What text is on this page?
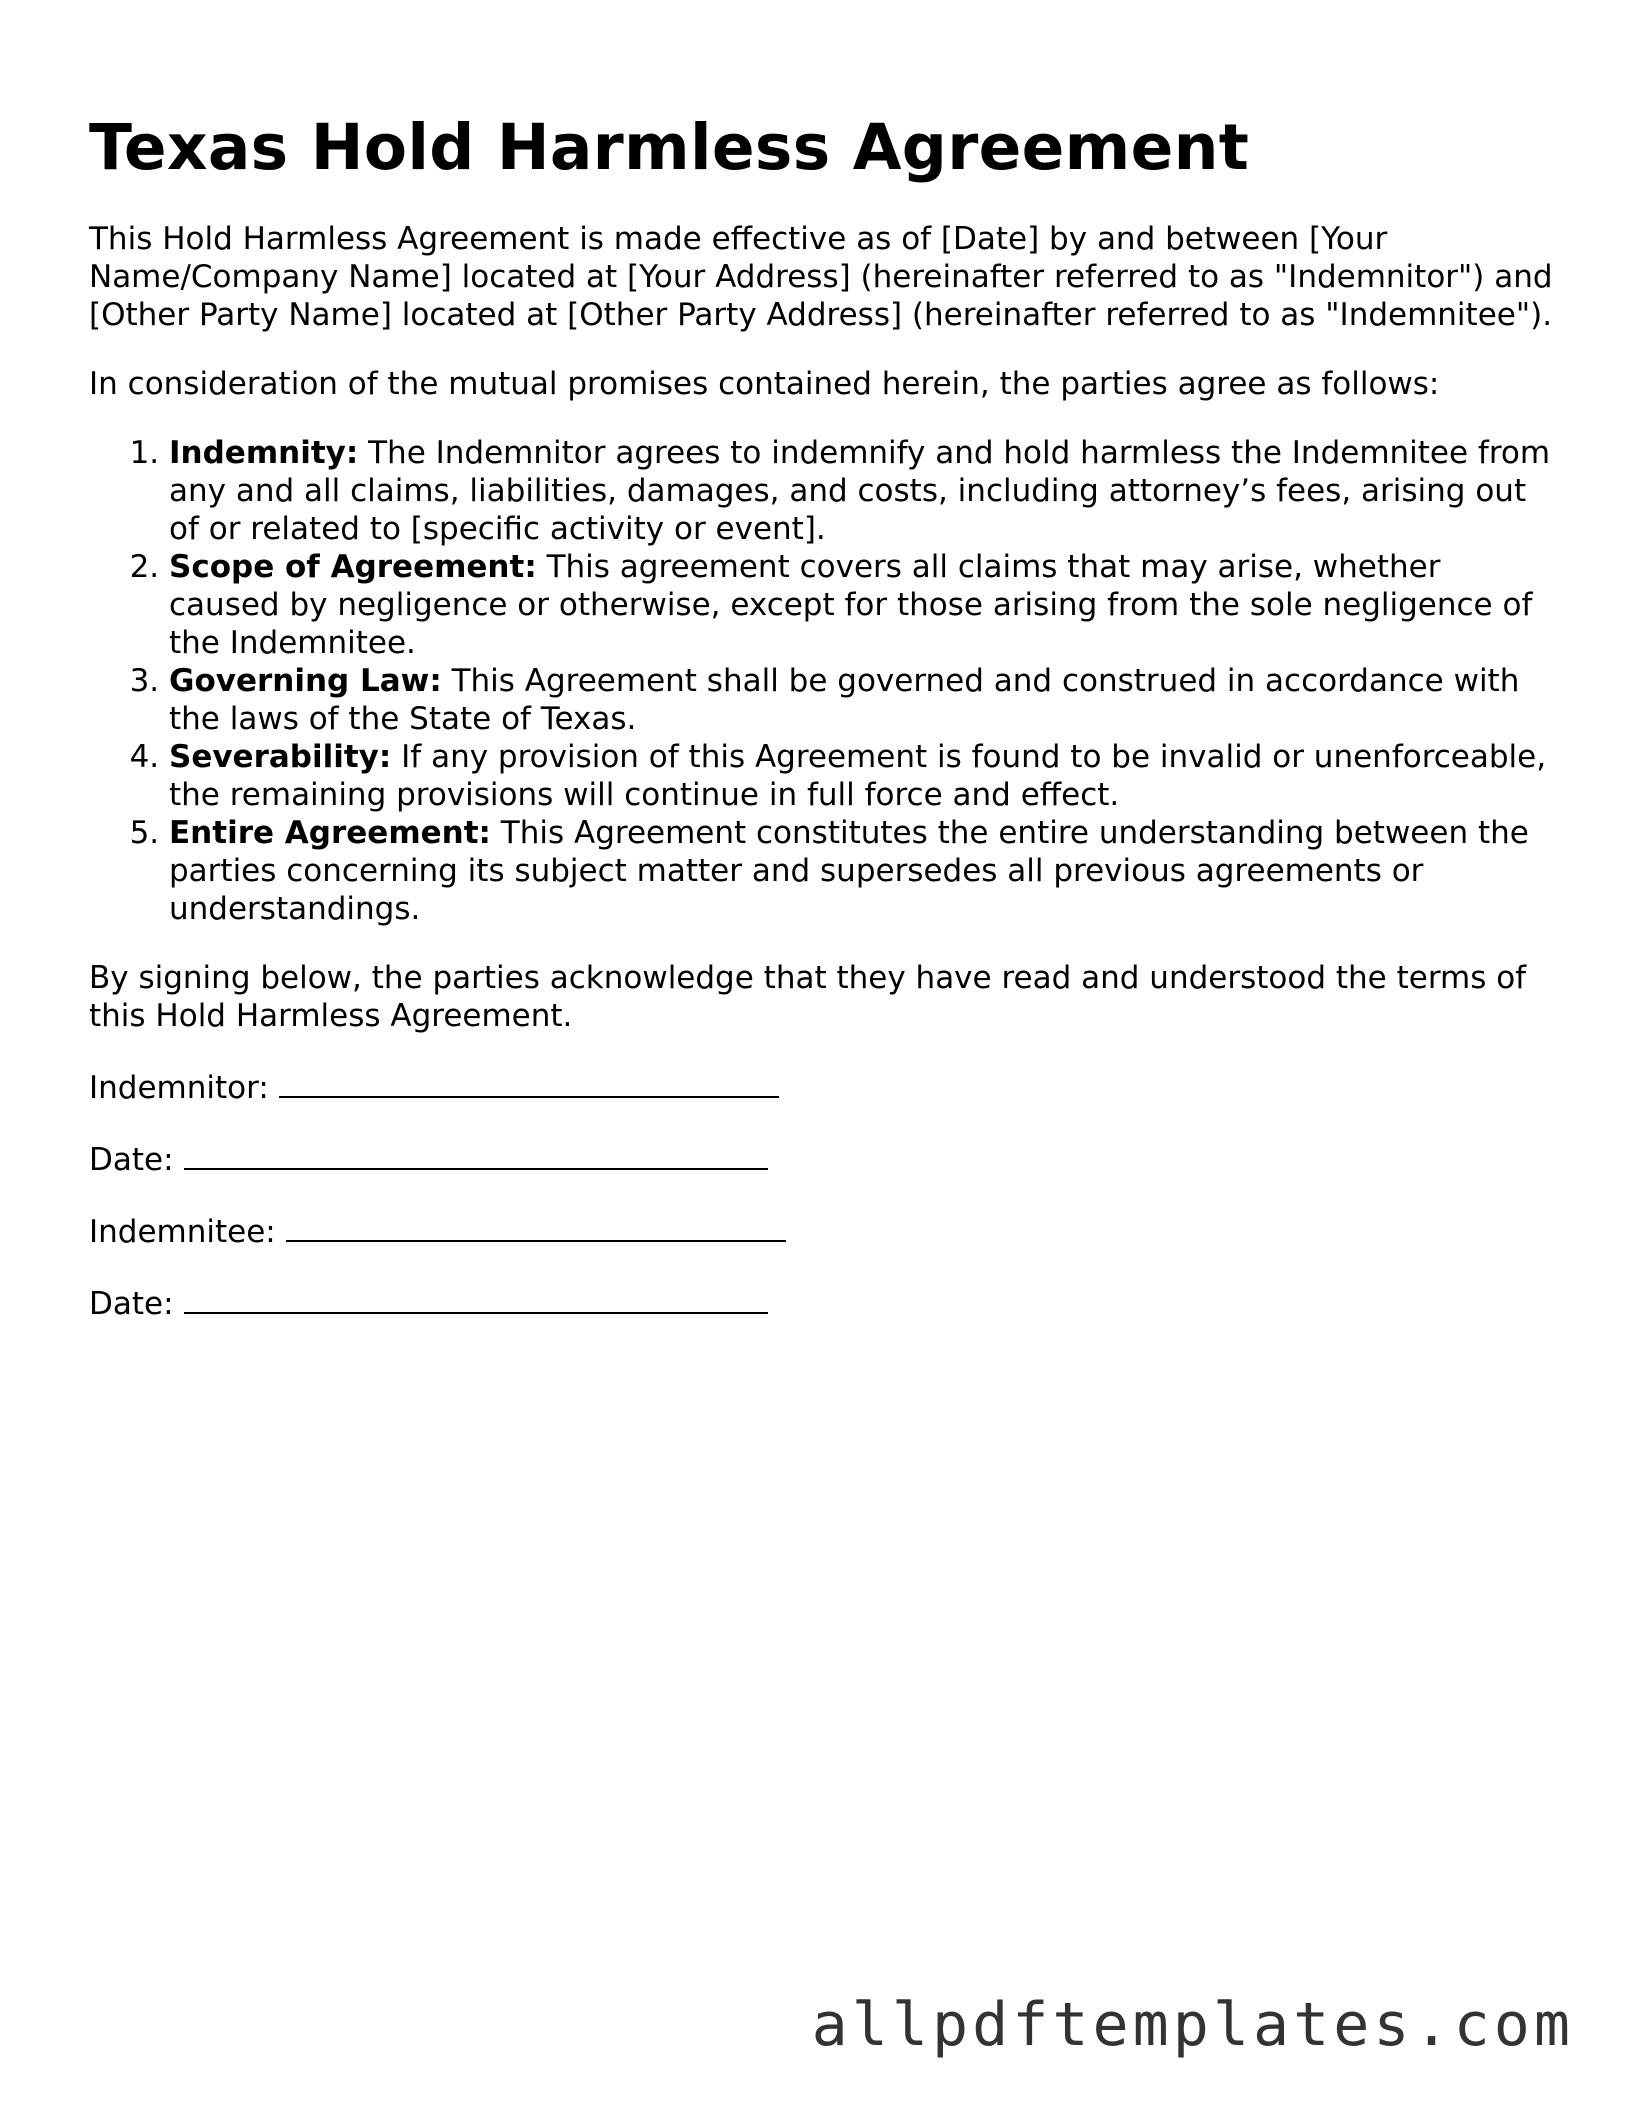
Texas Hold Harmless Agreement

This Hold Harmless Agreement is made effective as of [Date] by and between [Your Name/Company Name] located at [Your Address] (hereinafter referred to as "Indemnitor") and [Other Party Name] located at [Other Party Address] (hereinafter referred to as "Indemnitee").

In consideration of the mutual promises contained herein, the parties agree as follows:

1. Indemnity: The Indemnitor agrees to indemnify and hold harmless the Indemnitee from any and all claims, liabilities, damages, and costs, including attorney’s fees, arising out of or related to [specific activity or event].
2. Scope of Agreement: This agreement covers all claims that may arise, whether caused by negligence or otherwise, except for those arising from the sole negligence of the Indemnitee.
3. Governing Law: This Agreement shall be governed and construed in accordance with the laws of the State of Texas.
4. Severability: If any provision of this Agreement is found to be invalid or unenforceable, the remaining provisions will continue in full force and effect.
5. Entire Agreement: This Agreement constitutes the entire understanding between the parties concerning its subject matter and supersedes all previous agreements or understandings.

By signing below, the parties acknowledge that they have read and understood the terms of this Hold Harmless Agreement.

Indemnitor:
Date:
Indemnitee:
Date:
allpdftemplates.com
